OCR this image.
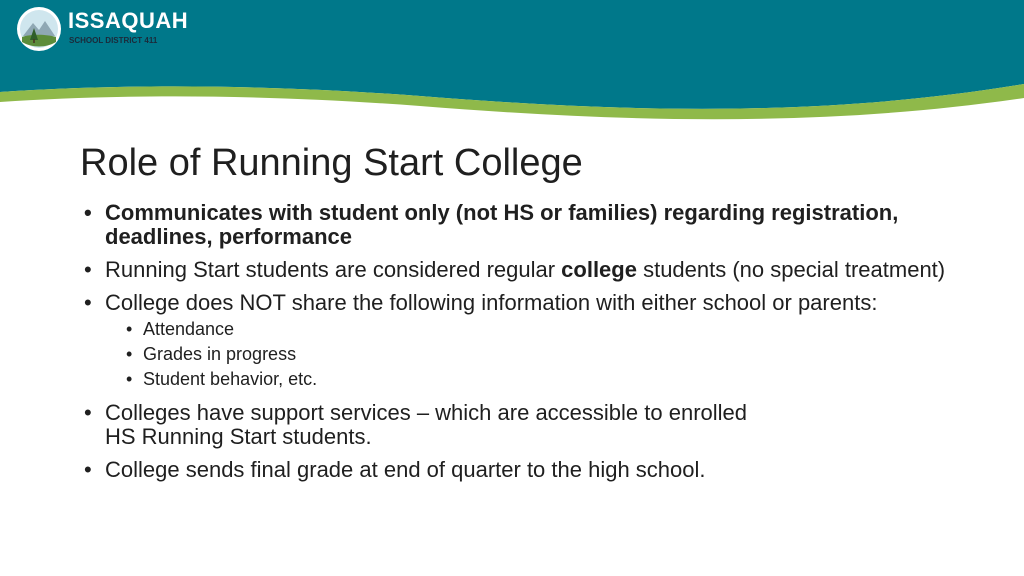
ISSAQUAH
SCHOOL DISTRICT 411
Role of Running Start College
• Communicates with student only (not HS or families) regarding registration, deadlines, performance
• Running Start students are considered regular college students (no special treatment)
• College does NOT share the following information with either school or parents:
• Attendance
• Grades in progress
• Student behavior, etc.
• Colleges have support services – which are accessible to enrolled
HS Running Start students.
• College sends final grade at end of quarter to the high school.
